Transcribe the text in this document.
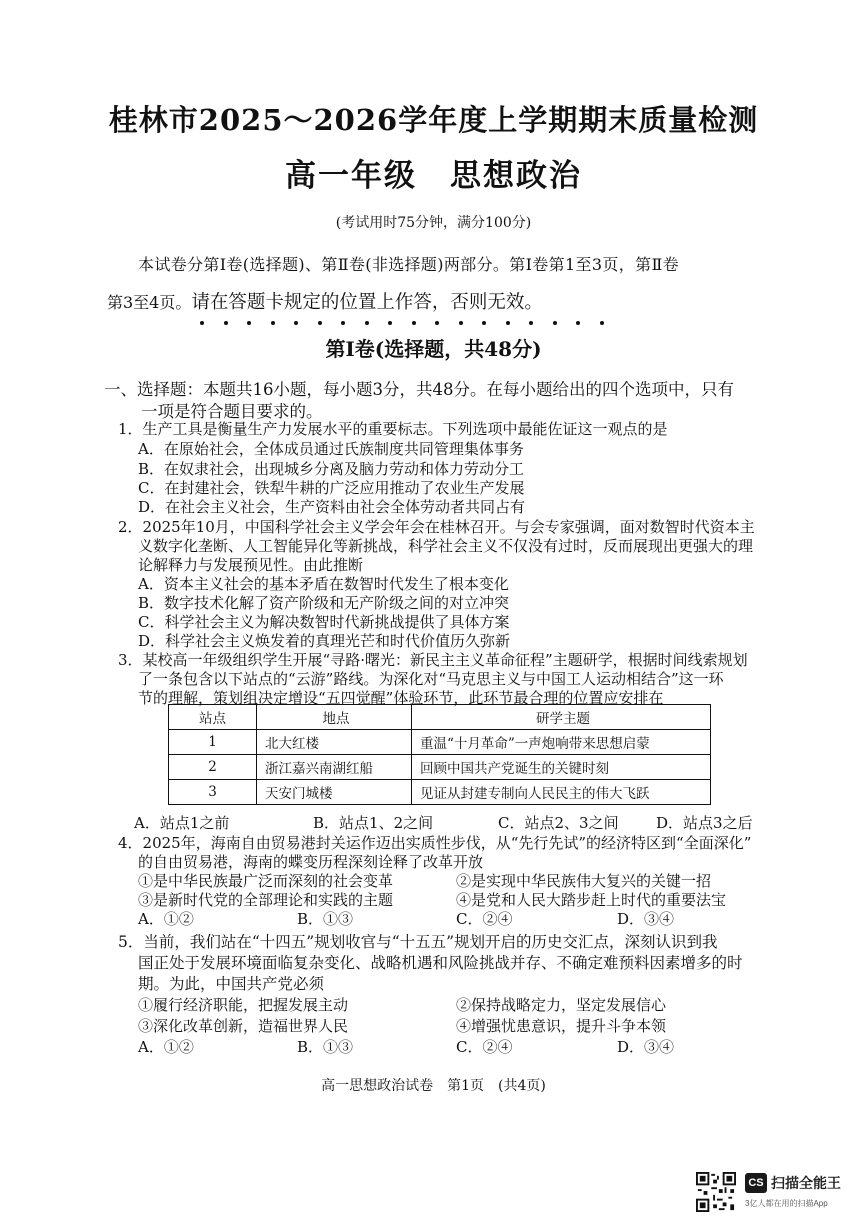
桂林市2025～2026学年度上学期期末质量检测
高一年级　思想政治
(考试用时75分钟，满分100分)
本试卷分第Ⅰ卷(选择题)、第Ⅱ卷(非选择题)两部分。第Ⅰ卷第1至3页，第Ⅱ卷
第3至4页。请在答题卡规定的位置上作答，否则无效。
第Ⅰ卷(选择题，共48分)
一、选择题：本题共16小题，每小题3分，共48分。在每小题给出的四个选项中，只有
一项是符合题目要求的。
1．生产工具是衡量生产力发展水平的重要标志。下列选项中最能佐证这一观点的是
A．在原始社会，全体成员通过氏族制度共同管理集体事务
B．在奴隶社会，出现城乡分离及脑力劳动和体力劳动分工
C．在封建社会，铁犁牛耕的广泛应用推动了农业生产发展
D．在社会主义社会，生产资料由社会全体劳动者共同占有
2．2025年10月，中国科学社会主义学会年会在桂林召开。与会专家强调，面对数智时代资本主
义数字化垄断、人工智能异化等新挑战，科学社会主义不仅没有过时，反而展现出更强大的理
论解释力与发展预见性。由此推断
A．资本主义社会的基本矛盾在数智时代发生了根本变化
B．数字技术化解了资产阶级和无产阶级之间的对立冲突
C．科学社会主义为解决数智时代新挑战提供了具体方案
D．科学社会主义焕发着的真理光芒和时代价值历久弥新
3．某校高一年级组织学生开展“寻路·曙光：新民主主义革命征程”主题研学，根据时间线索规划
了一条包含以下站点的“云游”路线。为深化对“马克思主义与中国工人运动相结合”这一环
节的理解，策划组决定增设“五四觉醒”体验环节，此环节最合理的位置应安排在
站点	地点	研学主题
1	北大红楼	重温“十月革命”一声炮响带来思想启蒙
2	浙江嘉兴南湖红船	回顾中国共产党诞生的关键时刻
3	天安门城楼	见证从封建专制向人民民主的伟大飞跃
A．站点1之前	B．站点1、2之间	C．站点2、3之间 D．站点3之后
4．2025年，海南自由贸易港封关运作迈出实质性步伐，从“先行先试”的经济特区到“全面深化”
的自由贸易港，海南的蝶变历程深刻诠释了改革开放
①是中华民族最广泛而深刻的社会变革	②是实现中华民族伟大复兴的关键一招
③是新时代党的全部理论和实践的主题	④是党和人民大踏步赶上时代的重要法宝
A．①②	B．①③	C．②④	D．③④
5．当前，我们站在“十四五”规划收官与“十五五”规划开启的历史交汇点，深刻认识到我
国正处于发展环境面临复杂变化、战略机遇和风险挑战并存、不确定难预料因素增多的时
期。为此，中国共产党必须
①履行经济职能，把握发展主动	②保持战略定力，坚定发展信心
③深化改革创新，造福世界人民	④增强忧患意识，提升斗争本领
A．①②	B．①③	C．②④	D．③④
高一思想政治试卷　第1页　(共4页)
CS 扫描全能王
3亿人都在用的扫描App
